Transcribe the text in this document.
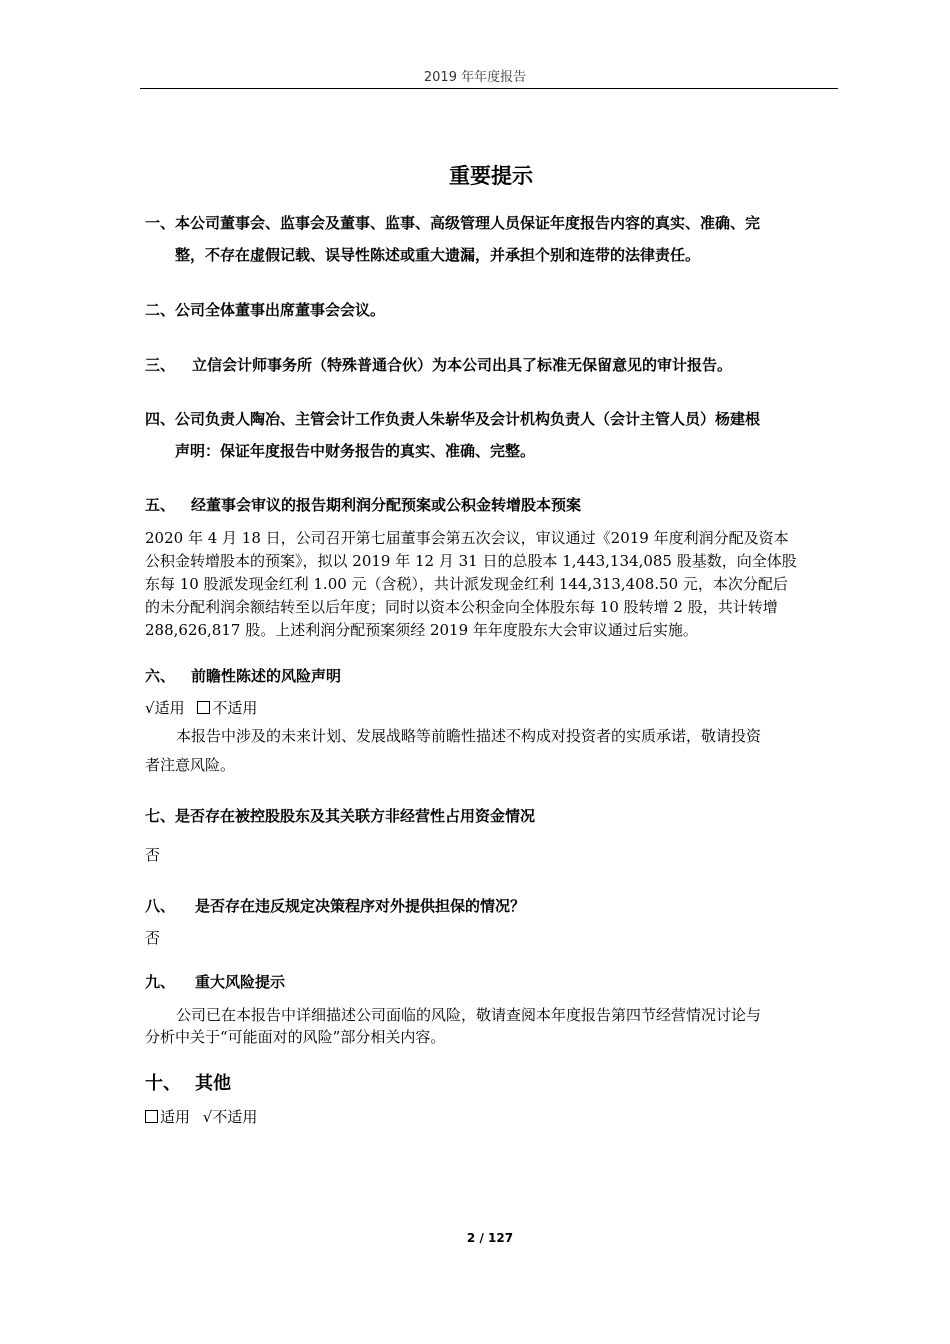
2019 年年度报告
重要提示
一、本公司董事会、监事会及董事、监事、高级管理人员保证年度报告内容的真实、准确、完
整，不存在虚假记载、误导性陈述或重大遗漏，并承担个别和连带的法律责任。
二、公司全体董事出席董事会会议。
三、 立信会计师事务所（特殊普通合伙）为本公司出具了标准无保留意见的审计报告。
四、公司负责人陶冶、主管会计工作负责人朱崭华及会计机构负责人（会计主管人员）杨建根
声明：保证年度报告中财务报告的真实、准确、完整。
五、 经董事会审议的报告期利润分配预案或公积金转增股本预案
2020 年 4 月 18 日，公司召开第七届董事会第五次会议，审议通过《2019 年度利润分配及资本
公积金转增股本的预案》，拟以 2019 年 12 月 31 日的总股本 1,443,134,085 股基数，向全体股
东每 10 股派发现金红利 1.00 元（含税），共计派发现金红利 144,313,408.50 元，本次分配后
的未分配利润余额结转至以后年度；同时以资本公积金向全体股东每 10 股转增 2 股，共计转增
288,626,817 股。上述利润分配预案须经 2019 年年度股东大会审议通过后实施。
六、 前瞻性陈述的风险声明
√适用 不适用
本报告中涉及的未来计划、发展战略等前瞻性描述不构成对投资者的实质承诺，敬请投资
者注意风险。
七、是否存在被控股股东及其关联方非经营性占用资金情况
否
八、 是否存在违反规定决策程序对外提供担保的情况？
否
九、 重大风险提示
公司已在本报告中详细描述公司面临的风险，敬请查阅本年度报告第四节经营情况讨论与
分析中关于“可能面对的风险”部分相关内容。
十、 其他
适用 √不适用
2 / 127
